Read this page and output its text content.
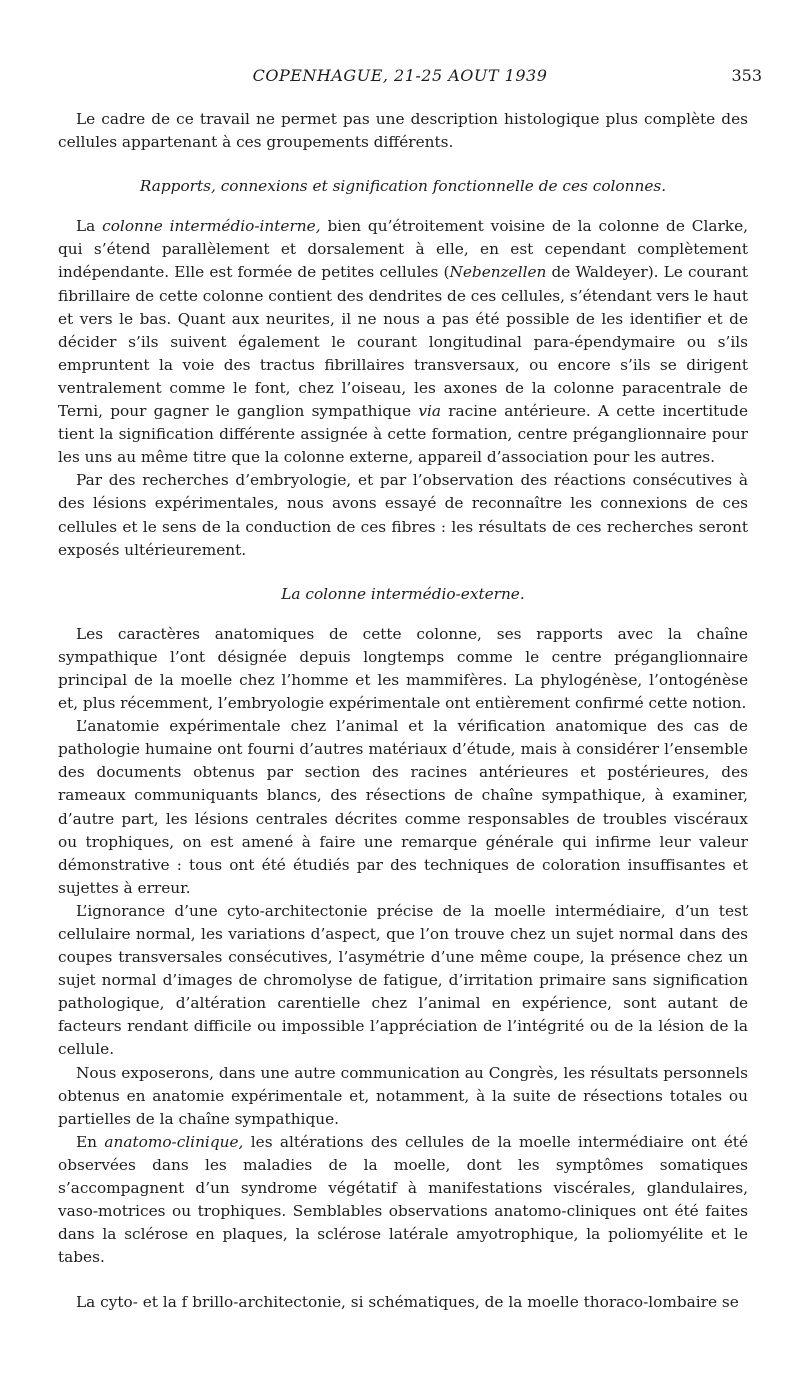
COPENHAGUE, 21-25 AOUT 1939	353

Le cadre de ce travail ne permet pas une description histologique plus complète des cellules appartenant à ces groupements différents.

Rapports, connexions et signification fonctionnelle de ces colonnes.

La colonne intermédio-interne, bien qu’étroitement voisine de la colonne de Clarke, qui s’étend parallèlement et dorsalement à elle, en est cependant complètement indépendante. Elle est formée de petites cellules (Nebenzellen de Waldeyer). Le courant fibrillaire de cette colonne contient des dendrites de ces cellules, s’étendant vers le haut et vers le bas. Quant aux neurites, il ne nous a pas été possible de les identifier et de décider s’ils suivent également le courant longitudinal para-épendymaire ou s’ils empruntent la voie des tractus fibrillaires transversaux, ou encore s’ils se dirigent ventralement comme le font, chez l’oiseau, les axones de la colonne paracentrale de Terni, pour gagner le ganglion sympathique via racine antérieure. A cette incertitude tient la signification différente assignée à cette formation, centre préganglionnaire pour les uns au même titre que la colonne externe, appareil d’association pour les autres.

Par des recherches d’embryologie, et par l’observation des réactions consécutives à des lésions expérimentales, nous avons essayé de reconnaître les connexions de ces cellules et le sens de la conduction de ces fibres : les résultats de ces recherches seront exposés ultérieurement.

La colonne intermédio-externe.

Les caractères anatomiques de cette colonne, ses rapports avec la chaîne sympathique l’ont désignée depuis longtemps comme le centre préganglionnaire principal de la moelle chez l’homme et les mammifères. La phylogénèse, l’ontogénèse et, plus récemment, l’embryologie expérimentale ont entièrement confirmé cette notion.

L’anatomie expérimentale chez l’animal et la vérification anatomique des cas de pathologie humaine ont fourni d’autres matériaux d’étude, mais à considérer l’ensemble des documents obtenus par section des racines antérieures et postérieures, des rameaux communiquants blancs, des résections de chaîne sympathique, à examiner, d’autre part, les lésions centrales décrites comme responsables de troubles viscéraux ou trophiques, on est amené à faire une remarque générale qui infirme leur valeur démonstrative : tous ont été étudiés par des techniques de coloration insuffisantes et sujettes à erreur.

L’ignorance d’une cyto-architectonie précise de la moelle intermédiaire, d’un test cellulaire normal, les variations d’aspect, que l’on trouve chez un sujet normal dans des coupes transversales consécutives, l’asymétrie d’une même coupe, la présence chez un sujet normal d’images de chromolyse de fatigue, d’irritation primaire sans signification pathologique, d’altération carentielle chez l’animal en expérience, sont autant de facteurs rendant difficile ou impossible l’appréciation de l’intégrité ou de la lésion de la cellule.

Nous exposerons, dans une autre communication au Congrès, les résultats personnels obtenus en anatomie expérimentale et, notamment, à la suite de résections totales ou partielles de la chaîne sympathique.

En anatomo-clinique, les altérations des cellules de la moelle intermédiaire ont été observées dans les maladies de la moelle, dont les symptômes somatiques s’accompagnent d’un syndrome végétatif à manifestations viscérales, glandulaires, vaso-motrices ou trophiques. Semblables observations anatomo-cliniques ont été faites dans la sclérose en plaques, la sclérose latérale amyotrophique, la poliomyélite et le tabes.

La cyto- et la f brillo-architectonie, si schématiques, de la moelle thoraco-lombaire se
